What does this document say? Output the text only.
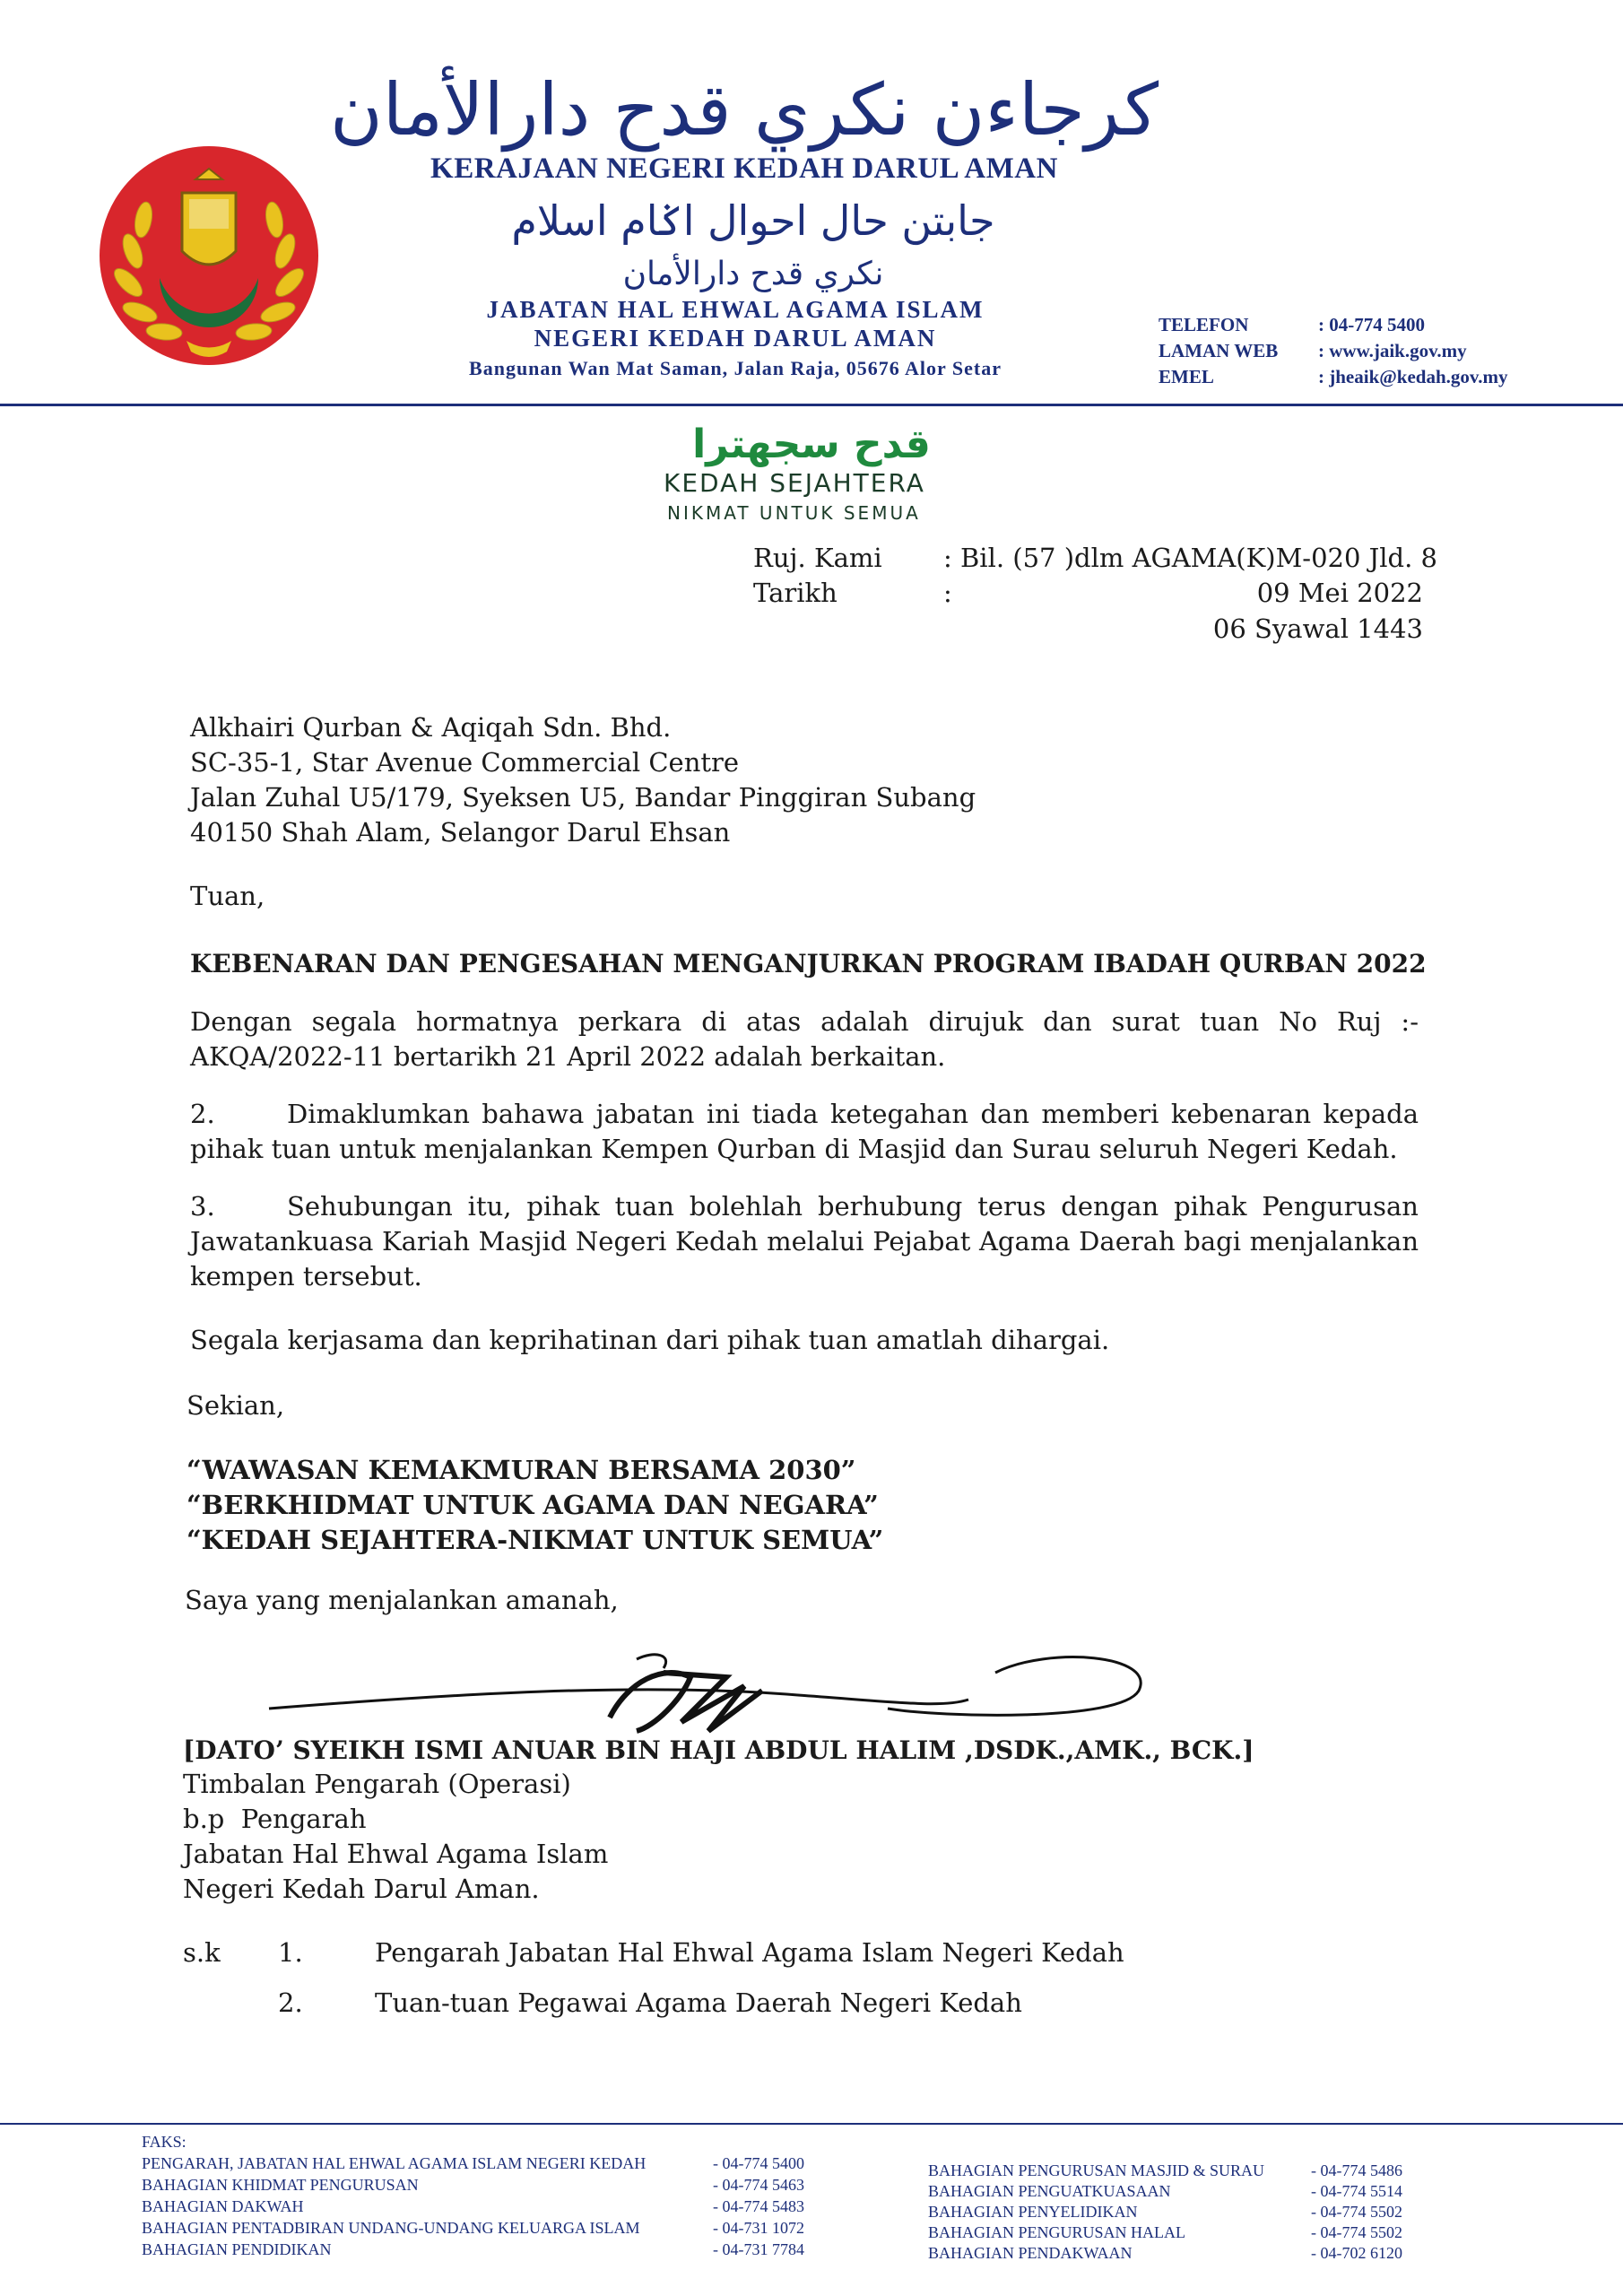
كرجاءن نكري قدح دارالأمان
KERAJAAN NEGERI KEDAH DARUL AMAN
جابتن حال احوال اݢام اسلام
نكري قدح دارالأمان
JABATAN HAL EHWAL AGAMA ISLAM
NEGERI KEDAH DARUL AMAN
Bangunan Wan Mat Saman, Jalan Raja, 05676 Alor Setar
TELEFON	: 04-774 5400
LAMAN WEB	: www.jaik.gov.my
EMEL	: jheaik@kedah.gov.my
قدح سجهترا
KEDAH SEJAHTERA
NIKMAT UNTUK SEMUA
Ruj. Kami : Bil. (57 )dlm AGAMA(K)M-020 Jld. 8
Tarikh	:	09 Mei 2022
06 Syawal 1443
Alkhairi Qurban & Aqiqah Sdn. Bhd.
SC-35-1, Star Avenue Commercial Centre
Jalan Zuhal U5/179, Syeksen U5, Bandar Pinggiran Subang
40150 Shah Alam, Selangor Darul Ehsan
Tuan,
KEBENARAN DAN PENGESAHAN MENGANJURKAN PROGRAM IBADAH QURBAN 2022
Dengan segala hormatnya perkara di atas adalah dirujuk dan surat tuan No Ruj :- AKQA/2022-11 bertarikh 21 April 2022 adalah berkaitan.
2.	Dimaklumkan bahawa jabatan ini tiada ketegahan dan memberi kebenaran kepada pihak tuan untuk menjalankan Kempen Qurban di Masjid dan Surau seluruh Negeri Kedah.
3.	Sehubungan itu, pihak tuan bolehlah berhubung terus dengan pihak Pengurusan Jawatankuasa Kariah Masjid Negeri Kedah melalui Pejabat Agama Daerah bagi menjalankan kempen tersebut.
Segala kerjasama dan keprihatinan dari pihak tuan amatlah dihargai.
Sekian,
“WAWASAN KEMAKMURAN BERSAMA 2030”
“BERKHIDMAT UNTUK AGAMA DAN NEGARA”
“KEDAH SEJAHTERA-NIKMAT UNTUK SEMUA”
Saya yang menjalankan amanah,
[DATO’ SYEIKH ISMI ANUAR BIN HAJI ABDUL HALIM ,DSDK.,AMK., BCK.]
Timbalan Pengarah (Operasi)
b.p  Pengarah
Jabatan Hal Ehwal Agama Islam
Negeri Kedah Darul Aman.
s.k 1.	Pengarah Jabatan Hal Ehwal Agama Islam Negeri Kedah
2.	Tuan-tuan Pegawai Agama Daerah Negeri Kedah
FAKS:
PENGARAH, JABATAN HAL EHWAL AGAMA ISLAM NEGERI KEDAH	- 04-774 5400
BAHAGIAN KHIDMAT PENGURUSAN	- 04-774 5463
BAHAGIAN DAKWAH	- 04-774 5483
BAHAGIAN PENTADBIRAN UNDANG-UNDANG KELUARGA ISLAM	- 04-731 1072
BAHAGIAN PENDIDIKAN	- 04-731 7784
BAHAGIAN PENGURUSAN MASJID & SURAU	- 04-774 5486
BAHAGIAN PENGUATKUASAAN	- 04-774 5514
BAHAGIAN PENYELIDIKAN	- 04-774 5502
BAHAGIAN PENGURUSAN HALAL	- 04-774 5502
BAHAGIAN PENDAKWAAN	- 04-702 6120
